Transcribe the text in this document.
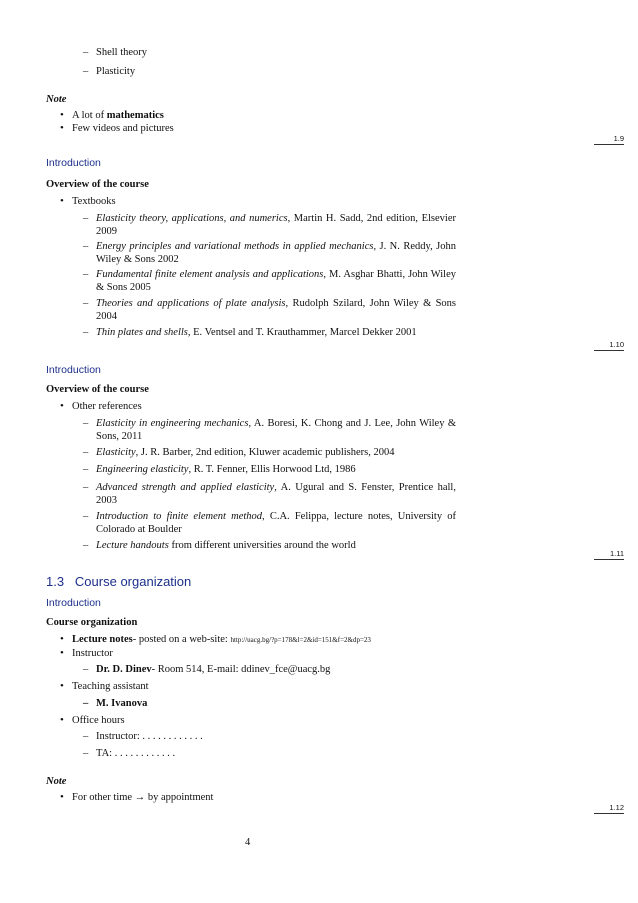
– Shell theory
– Plasticity
Note
• A lot of mathematics
• Few videos and pictures
1.9
Introduction
Overview of the course
• Textbooks
– Elasticity theory, applications, and numerics, Martin H. Sadd, 2nd edition, Elsevier 2009
– Energy principles and variational methods in applied mechanics, J. N. Reddy, John Wiley & Sons 2002
– Fundamental finite element analysis and applications, M. Asghar Bhatti, John Wiley & Sons 2005
– Theories and applications of plate analysis, Rudolph Szilard, John Wiley & Sons 2004
– Thin plates and shells, E. Ventsel and T. Krauthammer, Marcel Dekker 2001
1.10
Introduction
Overview of the course
• Other references
– Elasticity in engineering mechanics, A. Boresi, K. Chong and J. Lee, John Wiley & Sons, 2011
– Elasticity, J. R. Barber, 2nd edition, Kluwer academic publishers, 2004
– Engineering elasticity, R. T. Fenner, Ellis Horwood Ltd, 1986
– Advanced strength and applied elasticity, A. Ugural and S. Fenster, Prentice hall, 2003
– Introduction to finite element method, C.A. Felippa, lecture notes, University of Colorado at Boulder
– Lecture handouts from different universities around the world
1.11
1.3 Course organization
Introduction
Course organization
• Lecture notes- posted on a web-site: http://uacg.bg/?p=178&l=2&id=151&f=2&dp=23
• Instructor
– Dr. D. Dinev- Room 514, E-mail: ddinev_fce@uacg.bg
• Teaching assistant
– M. Ivanova
• Office hours
– Instructor: . . . . . . . . . . . .
– TA: . . . . . . . . . . . .
Note
• For other time → by appointment
1.12
4
